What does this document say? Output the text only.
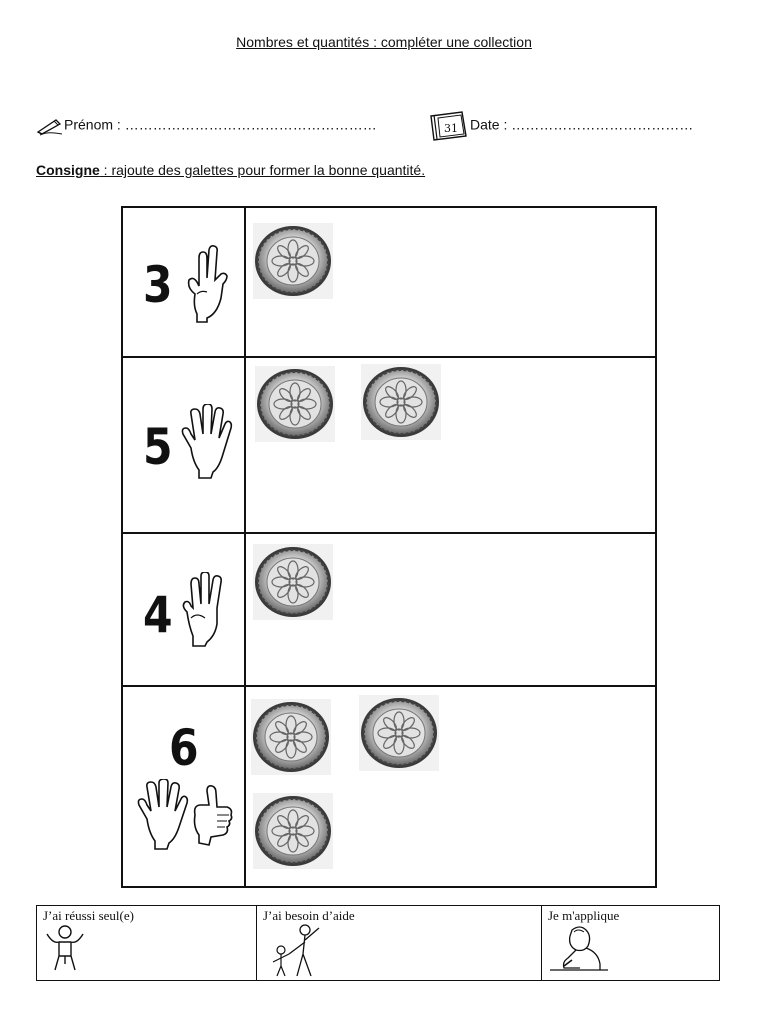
Nombres et quantités : compléter une collection
Prénom : ………………………………………………	31 Date : …………………………………
Consigne : rajoute des galettes pour former la bonne quantité.
3
5
4
6
J’ai réussi seul(e)	J’ai besoin d’aide	Je m'applique
